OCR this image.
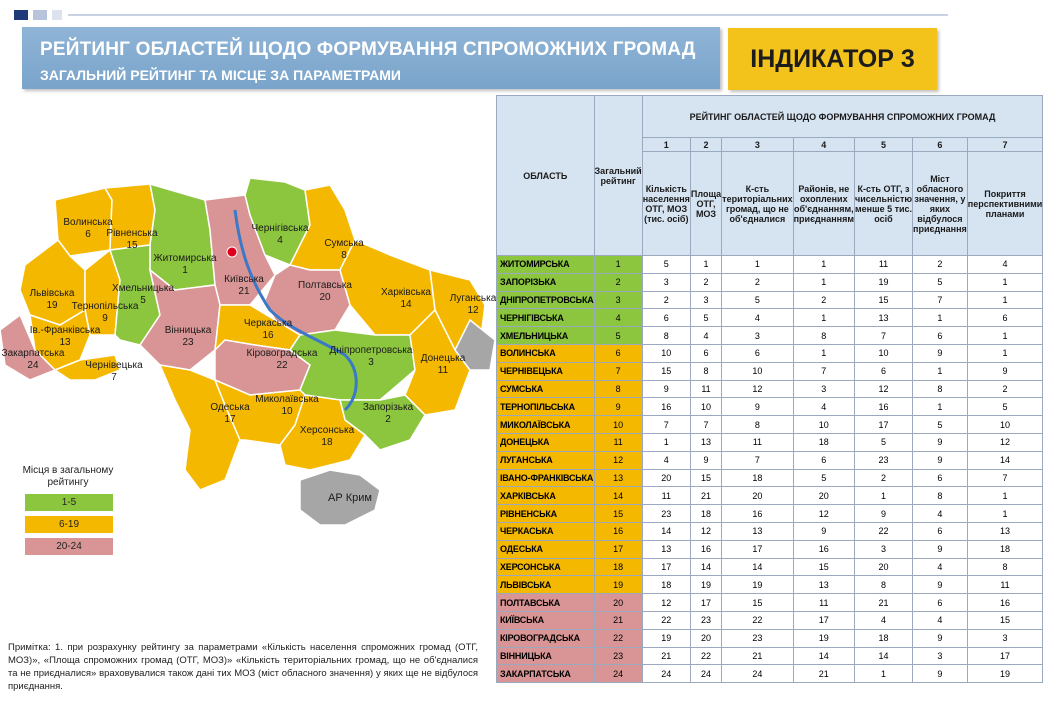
РЕЙТИНГ ОБЛАСТЕЙ ЩОДО ФОРМУВАННЯ СПРОМОЖНИХ ГРОМАД
ЗАГАЛЬНИЙ РЕЙТИНГ ТА МІСЦЕ ЗА ПАРАМЕТРАМИ
ІНДИКАТОР 3
Волинська
6	Рівненська
15
Житомирська
1
Київська
21
Чернігівська
4	Сумська
8
Львівська
19
Хмельницька
5
Тернопільська
9
Полтавська
20	Харківська
14
Луганська
12
Ів.-Франківська
13
Вінницька
23
Черкаська
16
Закарпатська
24	Чернівецька
7
Кіровоградська
22
Дніпропетровська
3	Донецька
11
Одеська
17
Миколаївська
10	Запорізька
2
Херсонська
18
АР Крим
Місця в загальному рейтингу
1-5
6-19
20-24
Примітка: 1. при розрахунку рейтингу за параметрами «Кількість населення спроможних громад (ОТГ, МОЗ)», «Площа спроможних громад (ОТГ, МОЗ)» «Кількість територіальних громад, що не об'єдналися та не приєдналися» враховувалися також дані тих МОЗ (міст обласного значення) у яких ще не відбулося приєднання.
ОБЛАСТЬ	Загальний рейтинг	РЕЙТИНГ ОБЛАСТЕЙ ЩОДО ФОРМУВАННЯ СПРОМОЖНИХ ГРОМАД						
		1	2	3	4	5	6	7
		Кількість населення ОТГ, МОЗ (тис. осіб)	Площа ОТГ, МОЗ	К-сть територіальних громад, що не об'єдналися	Районів, не охоплених об'єднанням, приєднанням	К-сть ОТГ, з чисельністю менше 5 тис. осіб	Міст обласного значення, у яких відбулося приєднання	Покриття перспективними планами
ЖИТОМИРСЬКА	1	5	1	1	1	11	2	4
ЗАПОРІЗЬКА	2	3	2	2	1	19	5	1
ДНІПРОПЕТРОВСЬКА	3	2	3	5	2	15	7	1
ЧЕРНІГІВСЬКА	4	6	5	4	1	13	1	6
ХМЕЛЬНИЦЬКА	5	8	4	3	8	7	6	1
ВОЛИНСЬКА	6	10	6	6	1	10	9	1
ЧЕРНІВЕЦЬКА	7	15	8	10	7	6	1	9
СУМСЬКА	8	9	11	12	3	12	8	2
ТЕРНОПІЛЬСЬКА	9	16	10	9	4	16	1	5
МИКОЛАЇВСЬКА	10	7	7	8	10	17	5	10
ДОНЕЦЬКА	11	1	13	11	18	5	9	12
ЛУГАНСЬКА	12	4	9	7	6	23	9	14
ІВАНО-ФРАНКІВСЬКА	13	20	15	18	5	2	6	7
ХАРКІВСЬКА	14	11	21	20	20	1	8	1
РІВНЕНСЬКА	15	23	18	16	12	9	4	1
ЧЕРКАСЬКА	16	14	12	13	9	22	6	13
ОДЕСЬКА	17	13	16	17	16	3	9	18
ХЕРСОНСЬКА	18	17	14	14	15	20	4	8
ЛЬВІВСЬКА	19	18	19	19	13	8	9	11
ПОЛТАВСЬКА	20	12	17	15	11	21	6	16
КИЇВСЬКА	21	22	23	22	17	4	4	15
КІРОВОГРАДСЬКА	22	19	20	23	19	18	9	3
ВІННИЦЬКА	23	21	22	21	14	14	3	17
ЗАКАРПАТСЬКА	24	24	24	24	21	1	9	19
